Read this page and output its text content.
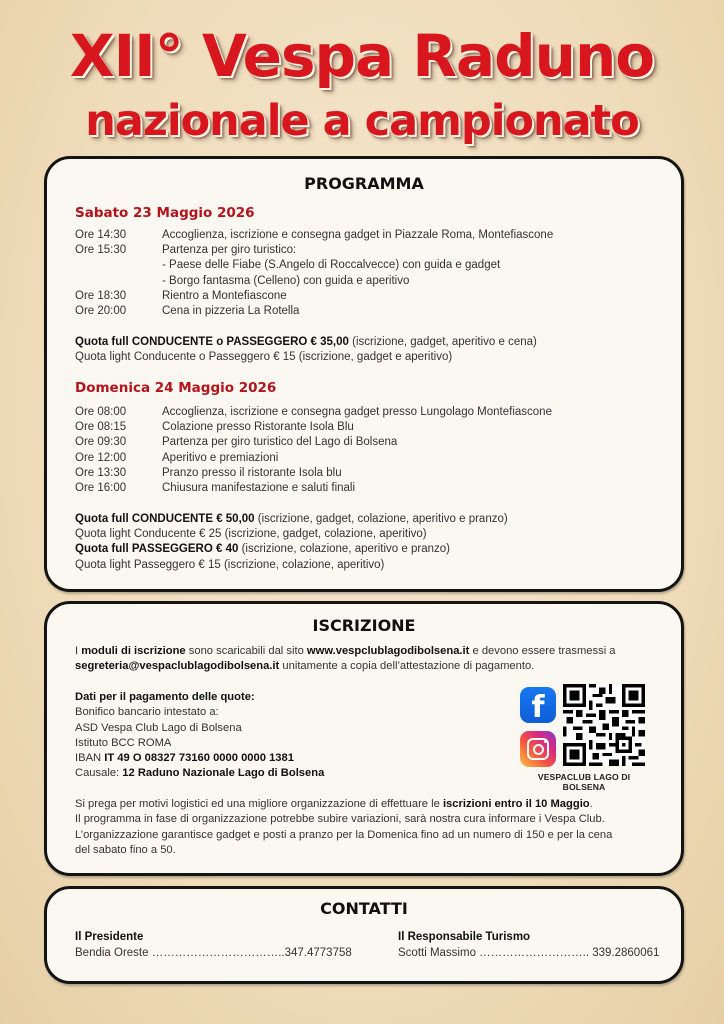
XII° Vespa Raduno
nazionale a campionato
PROGRAMMA
Sabato 23 Maggio 2026
Ore 14:30	Accoglienza, iscrizione e consegna gadget in Piazzale Roma, Montefiascone
Ore 15:30	Partenza per giro turistico:
- Paese delle Fiabe (S.Angelo di Roccalvecce) con guida e gadget
- Borgo fantasma (Celleno) con guida e aperitivo
Ore 18:30	Rientro a Montefiascone
Ore 20:00	Cena in pizzeria La Rotella
Quota full CONDUCENTE o PASSEGGERO € 35,00 (iscrizione, gadget, aperitivo e cena)
Quota light Conducente o Passeggero € 15 (iscrizione, gadget e aperitivo)
Domenica 24 Maggio 2026
Ore 08:00	Accoglienza, iscrizione e consegna gadget presso Lungolago Montefiascone
Ore 08:15	Colazione presso Ristorante Isola Blu
Ore 09:30	Partenza per giro turistico del Lago di Bolsena
Ore 12:00	Aperitivo e premiazioni
Ore 13:30	Pranzo presso il ristorante Isola blu
Ore 16:00	Chiusura manifestazione e saluti finali
Quota full CONDUCENTE € 50,00 (iscrizione, gadget, colazione, aperitivo e pranzo)
Quota light Conducente € 25 (iscrizione, gadget, colazione, aperitivo)
Quota full PASSEGGERO € 40 (iscrizione, colazione, aperitivo e pranzo)
Quota light Passeggero € 15 (iscrizione, colazione, aperitivo)
ISCRIZIONE
I moduli di iscrizione sono scaricabili dal sito www.vespclublagodibolsena.it e devono essere trasmessi a
segreteria@vespaclublagodibolsena.it unitamente a copia dell’attestazione di pagamento.
Dati per il pagamento delle quote:
Bonifico bancario intestato a:
ASD Vespa Club Lago di Bolsena
Istituto BCC ROMA
IBAN IT 49 O 08327 73160 0000 0000 1381
Causale: 12 Raduno Nazionale Lago di Bolsena
f
VESPACLUB LAGO DI BOLSENA
Si prega per motivi logistici ed una migliore organizzazione di effettuare le iscrizioni entro il 10 Maggio.
Il programma in fase di organizzazione potrebbe subire variazioni, sarà nostra cura informare i Vespa Club.
L’organizzazione garantisce gadget e posti a pranzo per la Domenica fino ad un numero di 150 e per la cena
del sabato fino a 50.
CONTATTI
Il Presidente
Bendia Oreste ……………………………..347.4773758
Il Responsabile Turismo
Scotti Massimo ……………………….. 339.2860061
